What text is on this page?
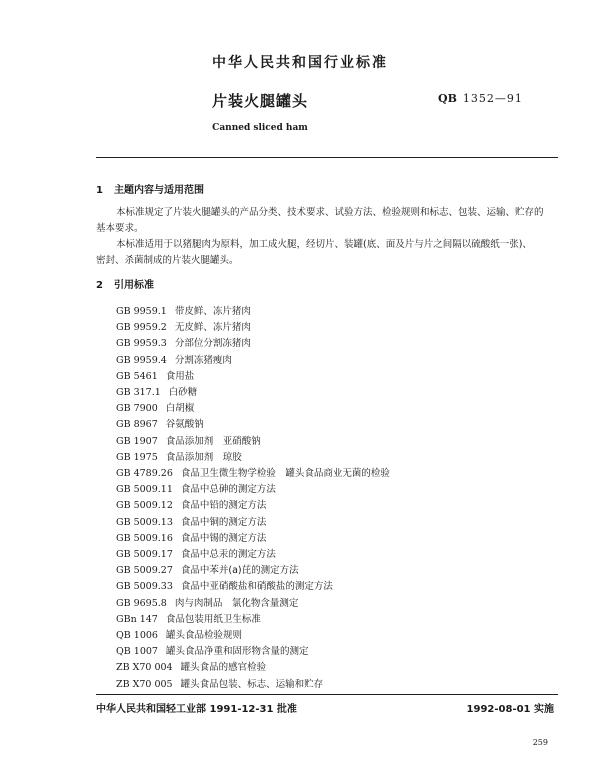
中华人民共和国行业标准
片装火腿罐头	QB 1352—91
Canned sliced ham
1 主题内容与适用范围
本标准规定了片装火腿罐头的产品分类、技术要求、试验方法、检验规则和标志、包装、运输、贮存的
基本要求。
本标准适用于以猪腿肉为原料，加工成火腿，经切片、装罐(底、面及片与片之间隔以硫酸纸一张)、
密封、杀菌制成的片装火腿罐头。
2 引用标准
GB 9959.1 带皮鲜、冻片猪肉
GB 9959.2 无皮鲜、冻片猪肉
GB 9959.3 分部位分割冻猪肉
GB 9959.4 分割冻猪瘦肉
GB 5461 食用盐
GB 317.1 白砂糖
GB 7900 白胡椒
GB 8967 谷氨酸钠
GB 1907 食品添加剂　亚硝酸钠
GB 1975 食品添加剂　琼胶
GB 4789.26 食品卫生微生物学检验　罐头食品商业无菌的检验
GB 5009.11 食品中总砷的测定方法
GB 5009.12 食品中铅的测定方法
GB 5009.13 食品中铜的测定方法
GB 5009.16 食品中锡的测定方法
GB 5009.17 食品中总汞的测定方法
GB 5009.27 食品中苯并(a)芘的测定方法
GB 5009.33 食品中亚硝酸盐和硝酸盐的测定方法
GB 9695.8 肉与肉制品　氯化物含量测定
GBn 147 食品包装用纸卫生标准
QB 1006 罐头食品检验规则
QB 1007 罐头食品净重和固形物含量的测定
ZB X70 004 罐头食品的感官检验
ZB X70 005 罐头食品包装、标志、运输和贮存
中华人民共和国轻工业部 1991-12-31 批准	1992-08-01 实施
259
